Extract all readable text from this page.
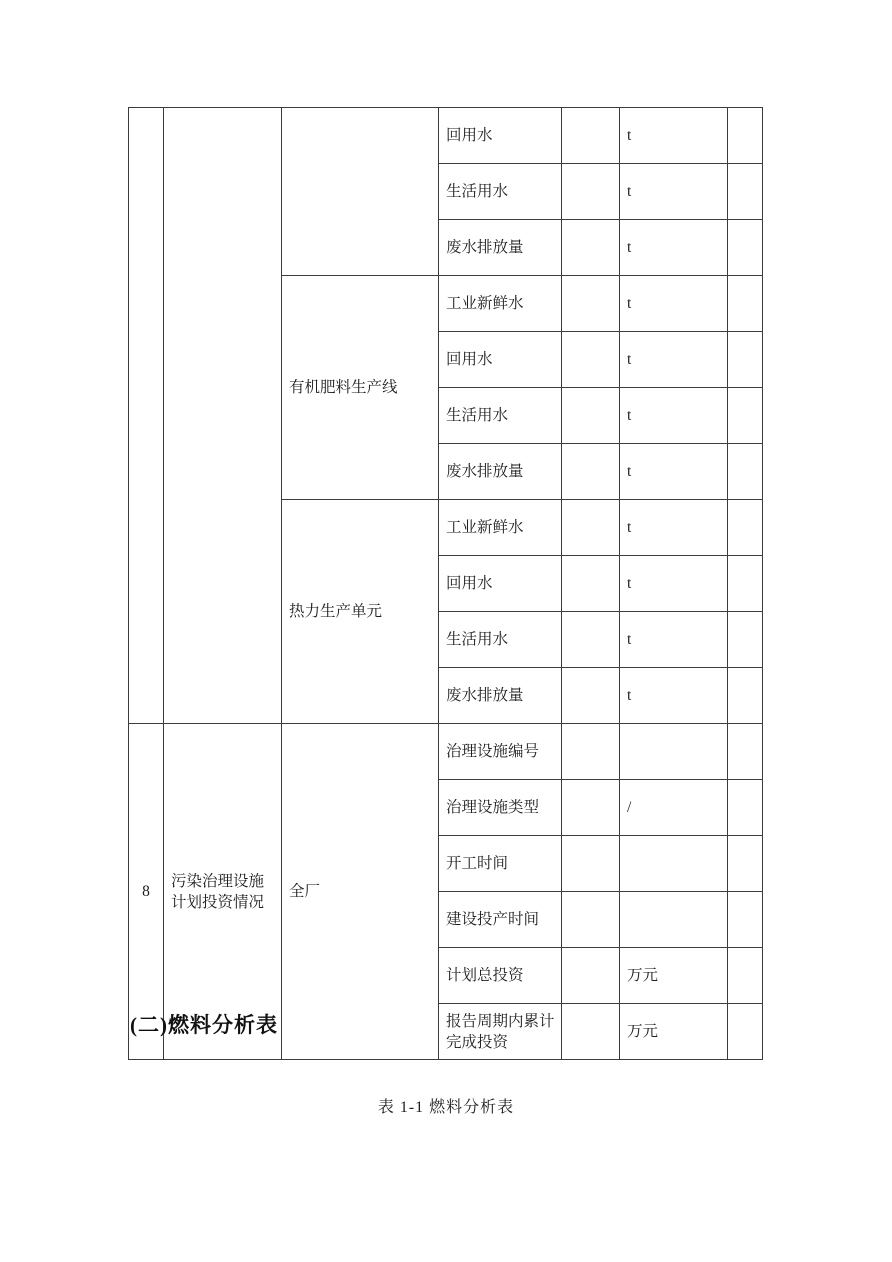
			回用水		t	
			生活用水		t	
			废水排放量		t	
		有机肥料生产线	工业新鲜水		t	
			回用水		t	
			生活用水		t	
			废水排放量		t	
		热力生产单元	工业新鲜水		t	
			回用水		t	
			生活用水		t	
			废水排放量		t	
8	污染治理设施计划投资情况	全厂	治理设施编号			
			治理设施类型		/	
			开工时间			
			建设投产时间			
			计划总投资		万元	
			报告周期内累计完成投资		万元	
(二)燃料分析表
表 1-1 燃料分析表
